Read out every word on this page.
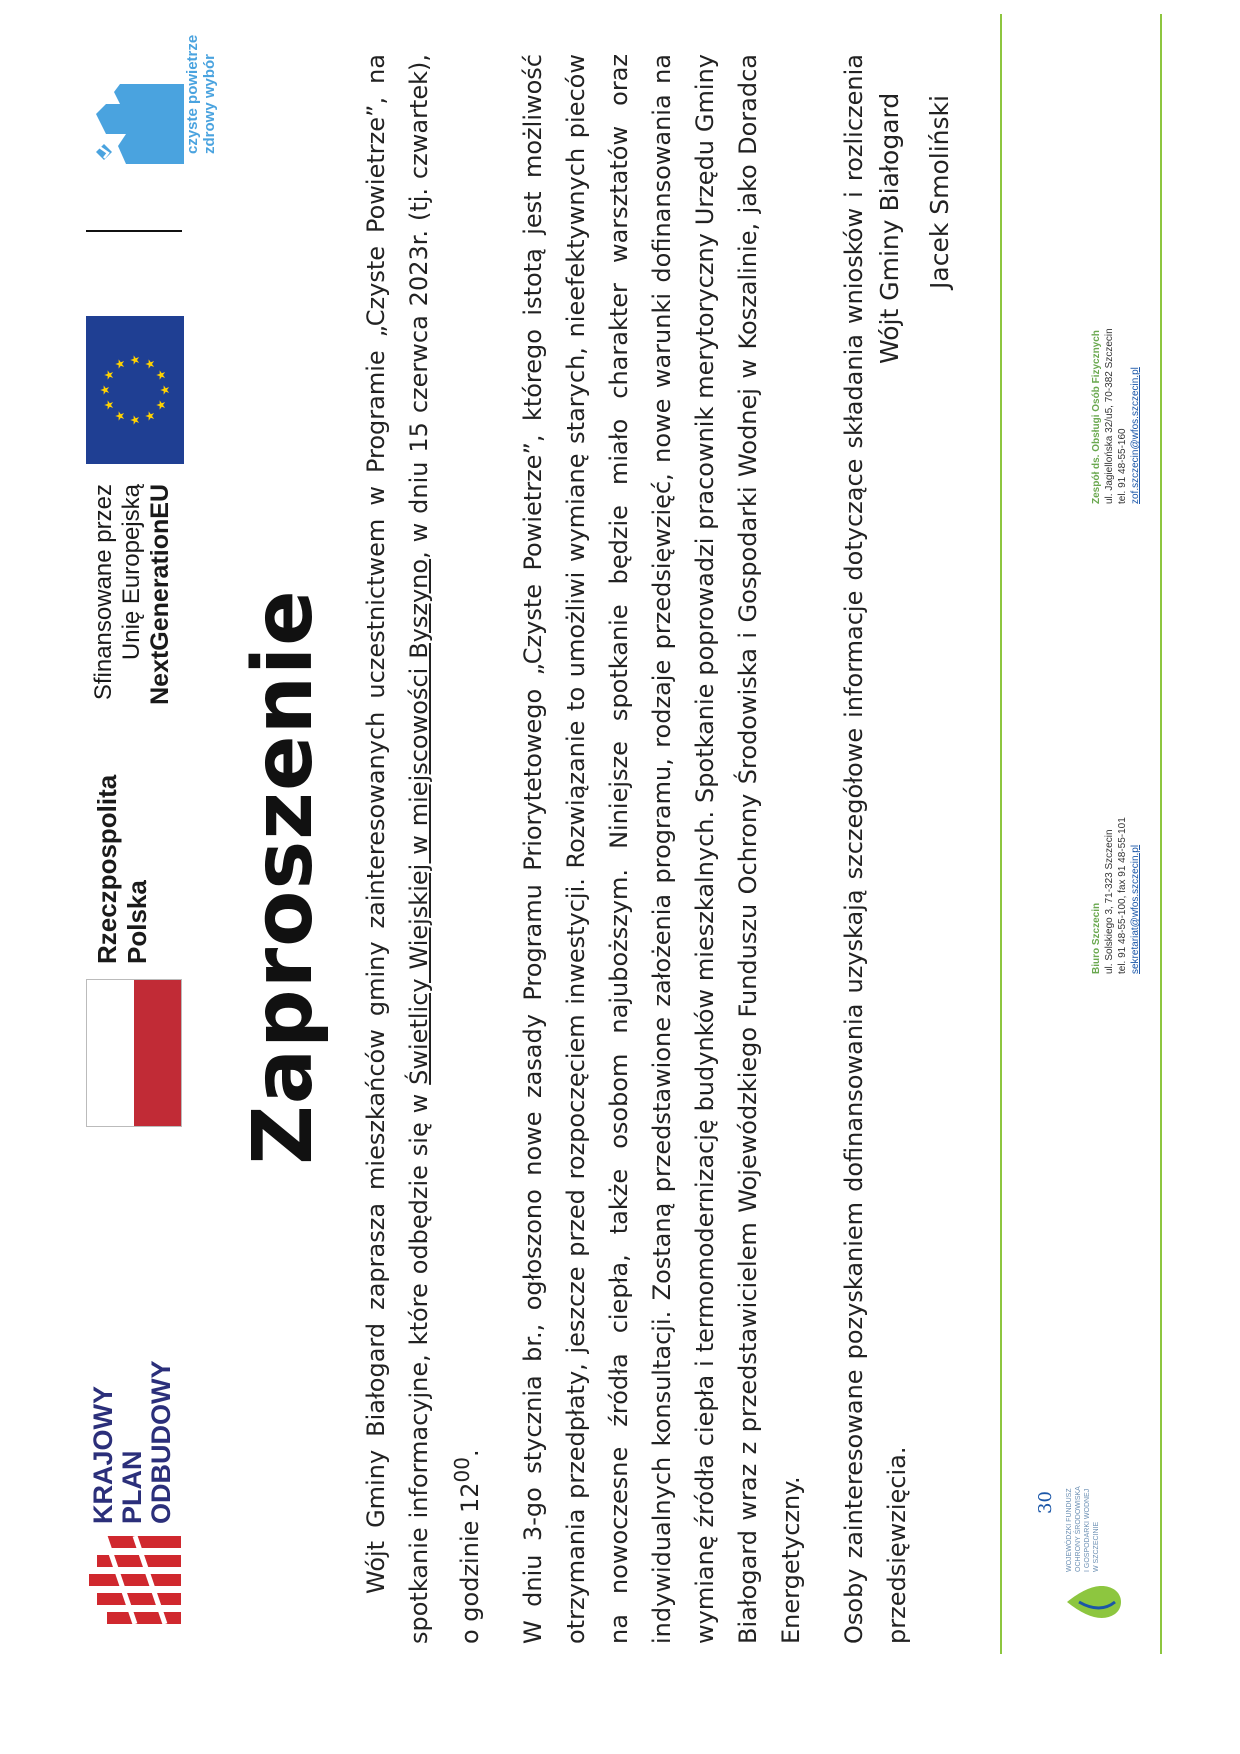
KRAJOWY PLAN ODBUDOWY
Rzeczpospolita Polska
Sfinansowane przez Unię Europejską NextGenerationEU
★ ★
★
★
★
★
★
★
★
★
★
★
czyste powietrze zdrowy wybór
Zaproszenie Wójt Gminy Białogard zaprasza mieszkańców gminy zainteresowanych uczestnictwem w Programie „Czyste Powietrze”, na spotkanie informacyjne, które odbędzie się w Świetlicy Wiejskiej w miejscowości Byszyno, w dniu 15 czerwca 2023r. (tj. czwartek), o godzinie $12^{00}$.	W dniu 3-go stycznia br., ogłoszono nowe zasady Programu Priorytetowego „Czyste Powietrze”, którego istotą jest możliwość otrzymania przedpłaty, jeszcze przed rozpoczęciem inwestycji. Rozwiązanie to umożliwi wymianę starych, nieefektywnych pieców na nowoczesne źródła ciepła, także osobom najuboższym. Niniejsze spotkanie będzie miało charakter warsztatów oraz indywidualnych konsultacji. Zostaną przedstawione założenia programu, rodzaje przedsięwzięć, nowe warunki dofinansowania na wymianę źródła ciepła i termomodernizację budynków mieszkalnych. Spotkanie poprowadzi pracownik merytoryczny Urzędu Gminy Białogard wraz z przedstawicielem Wojewódzkiego Funduszu Ochrony Środowiska i Gospodarki Wodnej w Koszalinie, jako Doradca Energetyczny.	Osoby zainteresowane pozyskaniem dofinansowania uzyskają szczegółowe informacje dotyczące składania wniosków i rozliczenia przedsięwzięcia.

Wójt Gminy Białogard Jacek Smoliński
WOJEWÓDZKI FUNDUSZ OCHRONY ŚRODOWISKA I GOSPODARKI WODNEJ W SZCZECINIE
30
Biuro Szczecin ul. Solskiego 3, 71-323 Szczecin tel. 91 48-55-100, fax 91 48-55-101 sekretariat@wfos.szczecin.pl
Zespół ds. Obsługi Osób Fizycznych ul. Jagiellońska 32/u5, 70-382 Szczecin tel. 91 48-55-160 zof.szczecin@wfos.szczecin.pl
